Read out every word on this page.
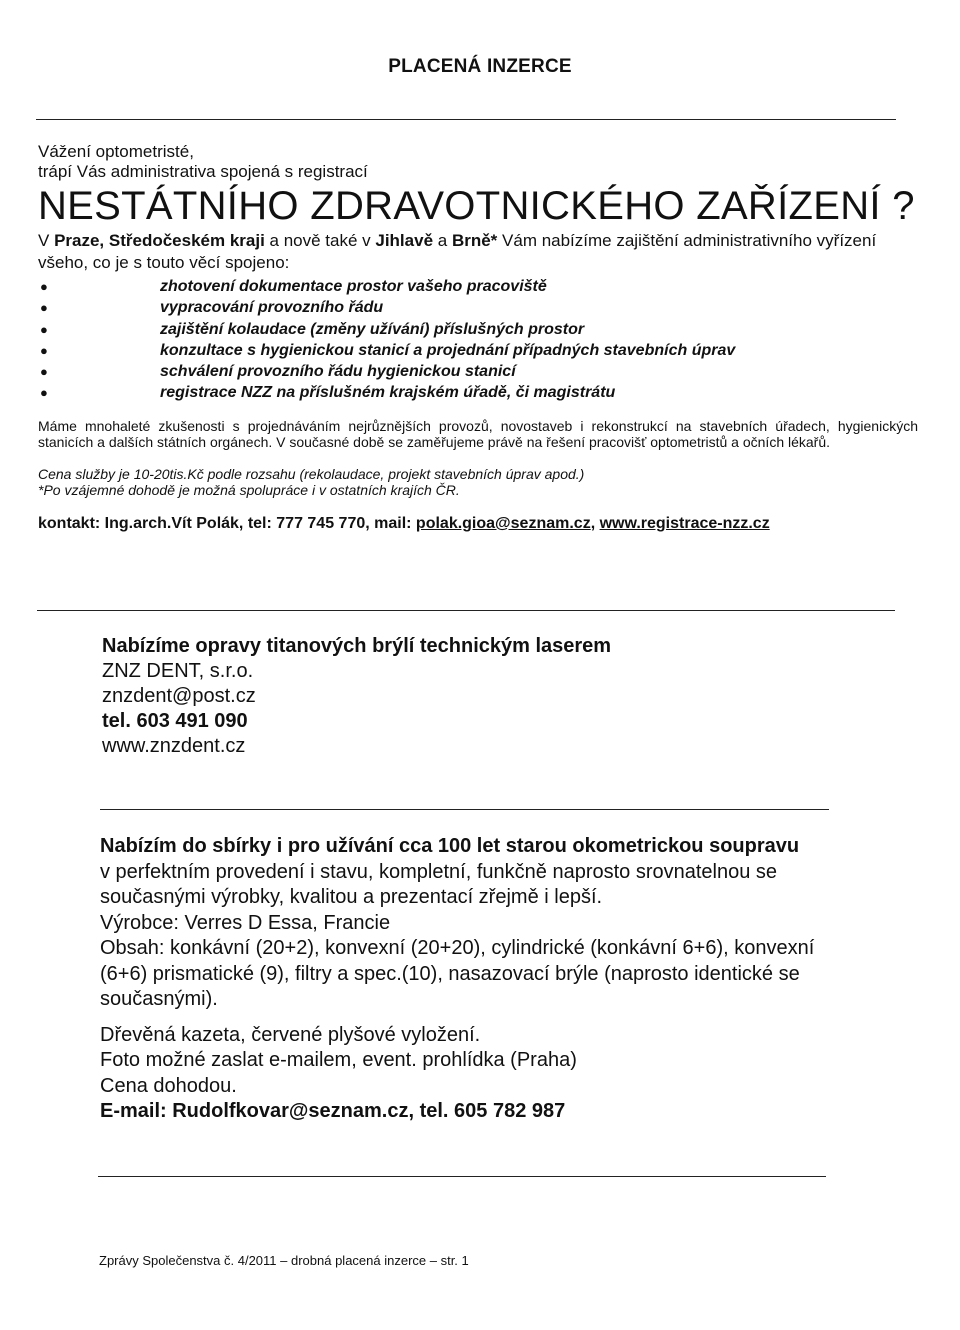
PLACENÁ INZERCE

Vážení optometristé,

trápí Vás administrativa spojená s registrací

NESTÁTNÍHO ZDRAVOTNICKÉHO ZAŘÍZENÍ ?

V Praze, Středočeském kraji a nově také v Jihlavě a Brně* Vám nabízíme zajištění administrativního vyřízení všeho, co je s touto věcí spojeno:

●	zhotovení dokumentace prostor vašeho pracoviště
●	vypracování provozního řádu
●	zajištění kolaudace (změny užívání) příslušných prostor
●	konzultace s hygienickou stanicí a projednání případných stavebních úprav
●	schválení provozního řádu hygienickou stanicí
●	registrace NZZ na příslušném krajském úřadě, či magistrátu

Máme mnohaleté zkušenosti s projednáváním nejrůznějších provozů, novostaveb i rekonstrukcí na stavebních úřadech, hygienických stanicích a dalších státních orgánech. V současné době se zaměřujeme právě na řešení pracovišť optometristů a očních lékařů.

Cena služby je 10-20tis.Kč podle rozsahu (rekolaudace, projekt stavebních úprav apod.)
*Po vzájemné dohodě je možná spolupráce i v ostatních krajích ČR.

kontakt: Ing.arch.Vít Polák, tel: 777 745 770, mail: polak.gioa@seznam.cz, www.registrace-nzz.cz

Nabízíme opravy titanových brýlí technickým laserem

ZNZ DENT, s.r.o.

znzdent@post.cz

tel. 603 491 090

www.znzdent.cz

Nabízím do sbírky i pro užívání cca 100 let starou okometrickou soupravu

v perfektním provedení i stavu, kompletní, funkčně naprosto srovnatelnou se současnými výrobky, kvalitou a prezentací zřejmě i lepší.

Výrobce: Verres D Essa, Francie

Obsah: konkávní (20+2), konvexní (20+20), cylindrické (konkávní 6+6), konvexní (6+6) prismatické (9), filtry a spec.(10), nasazovací brýle (naprosto identické se současnými).

Dřevěná kazeta, červené plyšové vyložení.

Foto možné zaslat e-mailem, event. prohlídka (Praha)

Cena dohodou.

E-mail: Rudolfkovar@seznam.cz, tel. 605 782 987

Zprávy Společenstva č. 4/2011 – drobná placená inzerce – str. 1
